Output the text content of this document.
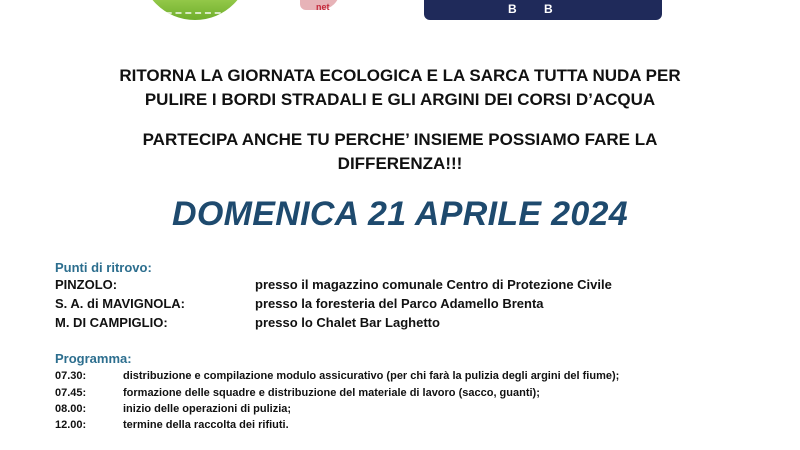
net	B B
RITORNA LA GIORNATA ECOLOGICA E LA SARCA TUTTA NUDA PER
PULIRE I BORDI STRADALI E GLI ARGINI DEI CORSI D’ACQUA
PARTECIPA ANCHE TU PERCHE’ INSIEME POSSIAMO FARE LA
DIFFERENZA!!!
DOMENICA 21 APRILE 2024
Punti di ritrovo:
PINZOLO:	presso il magazzino comunale Centro di Protezione Civile
S. A. di MAVIGNOLA:	presso la foresteria del Parco Adamello Brenta
M. DI CAMPIGLIO:	presso lo Chalet Bar Laghetto
Programma:
07.30:	distribuzione e compilazione modulo assicurativo (per chi farà la pulizia degli argini del fiume);
07.45:	formazione delle squadre e distribuzione del materiale di lavoro (sacco, guanti);
08.00:	inizio delle operazioni di pulizia;
12.00:	termine della raccolta dei rifiuti.
